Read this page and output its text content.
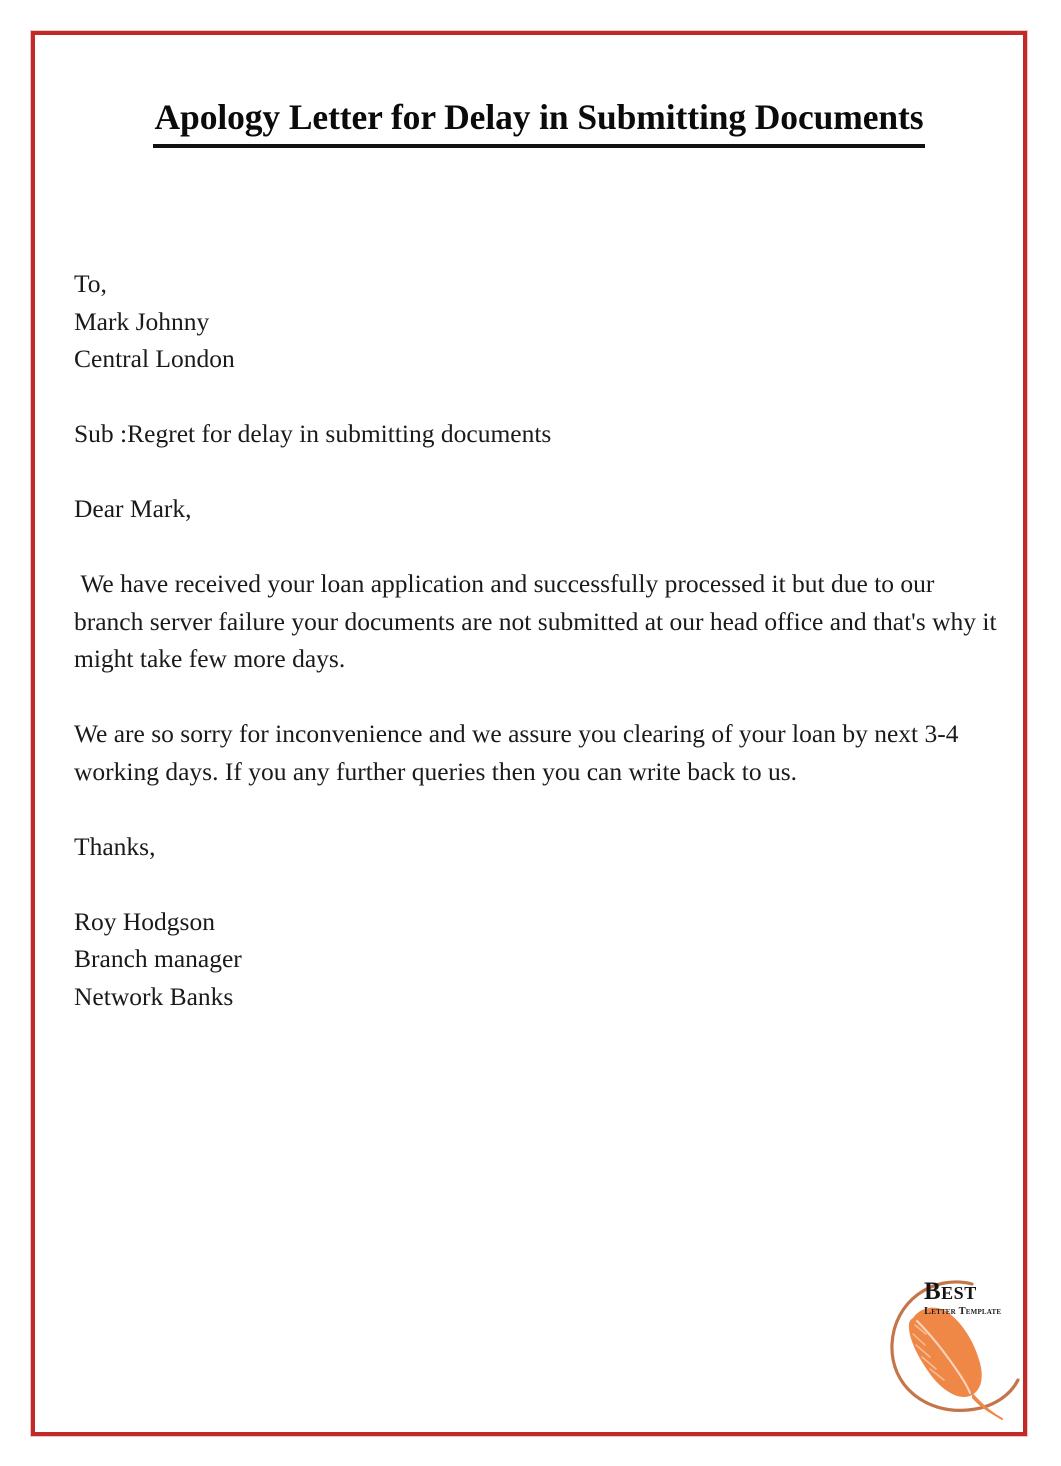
Apology Letter for Delay in Submitting Documents
To,
Mark Johnny
Central London
Sub :Regret for delay in submitting documents
Dear Mark,
We have received your loan application and successfully processed it but due to our branch server failure your documents are not submitted at our head office and that's why it might take few more days.
We are so sorry for inconvenience and we assure you clearing of your loan by next 3-4 working days. If you any further queries then you can write back to us.
Thanks,
Roy Hodgson
Branch manager
Network Banks
Best
Letter Template
